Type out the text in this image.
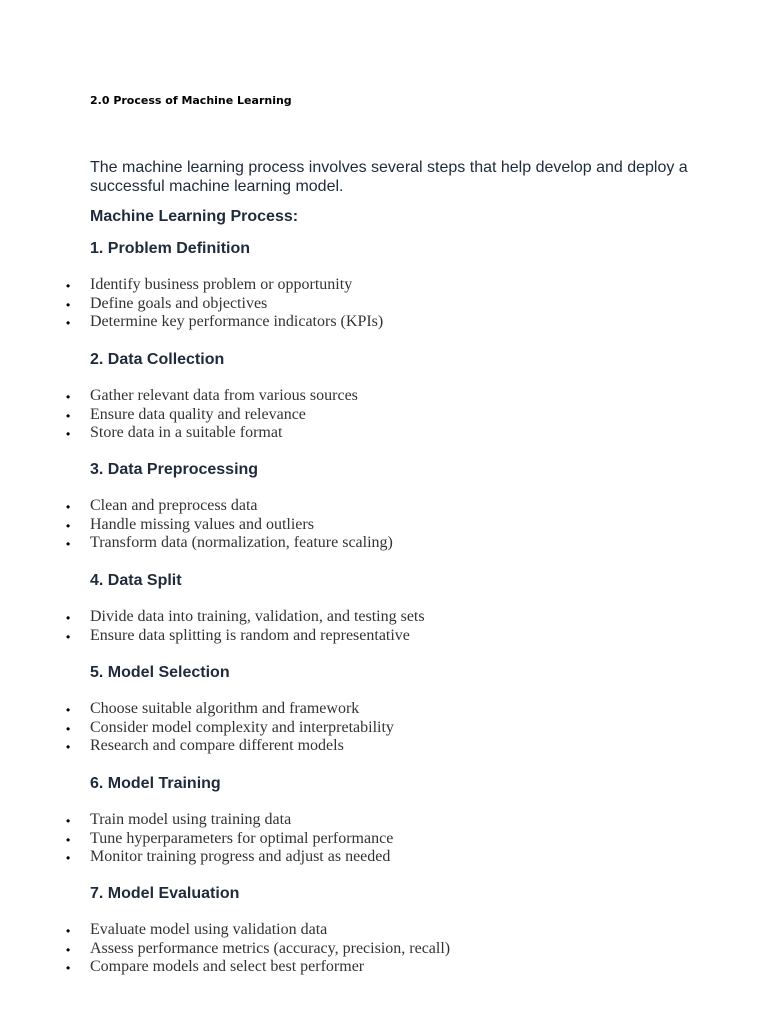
2.0 Process of Machine Learning

The machine learning process involves several steps that help develop and deploy a successful machine learning model.

Machine Learning Process:
1. Problem Definition
• Identify business problem or opportunity
• Define goals and objectives
• Determine key performance indicators (KPIs)
2. Data Collection
• Gather relevant data from various sources
• Ensure data quality and relevance
• Store data in a suitable format
3. Data Preprocessing
• Clean and preprocess data
• Handle missing values and outliers
• Transform data (normalization, feature scaling)
4. Data Split
• Divide data into training, validation, and testing sets
• Ensure data splitting is random and representative
5. Model Selection
• Choose suitable algorithm and framework
• Consider model complexity and interpretability
• Research and compare different models
6. Model Training
• Train model using training data
• Tune hyperparameters for optimal performance
• Monitor training progress and adjust as needed
7. Model Evaluation
• Evaluate model using validation data
• Assess performance metrics (accuracy, precision, recall)
• Compare models and select best performer
